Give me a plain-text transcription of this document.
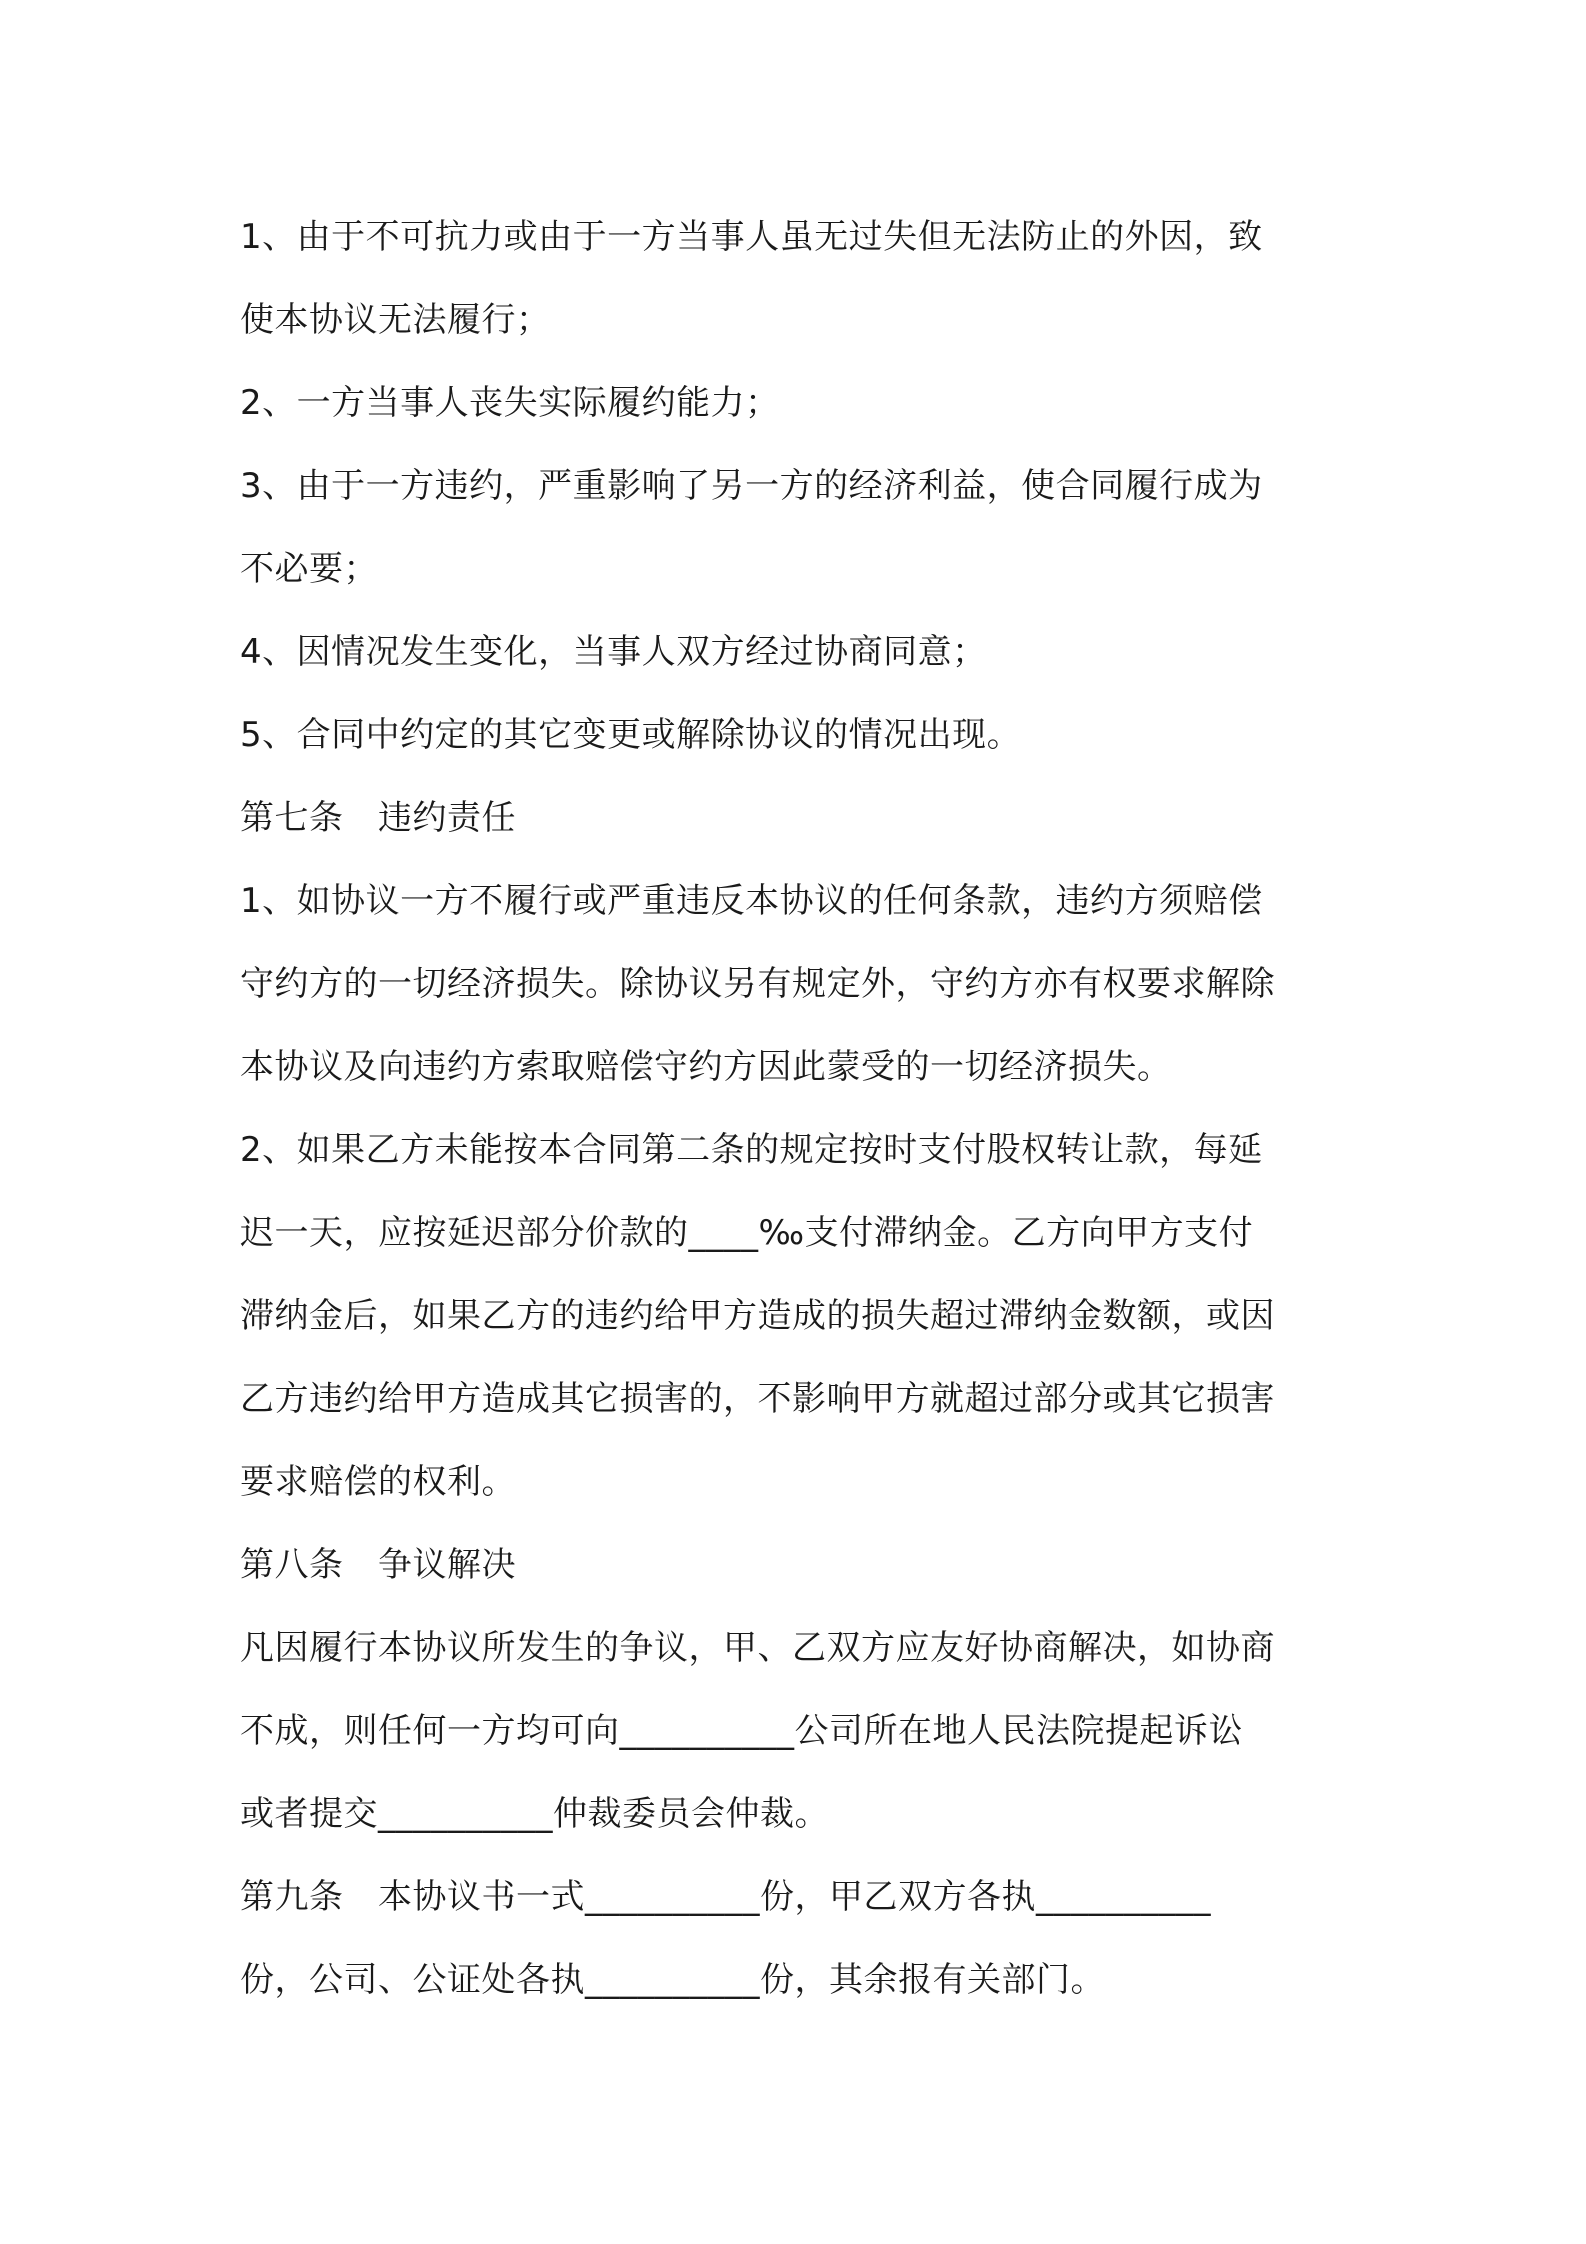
1、由于不可抗力或由于一方当事人虽无过失但无法防止的外因，致
使本协议无法履行；
2、一方当事人丧失实际履约能力；
3、由于一方违约，严重影响了另一方的经济利益，使合同履行成为
不必要；
4、因情况发生变化，当事人双方经过协商同意；
5、合同中约定的其它变更或解除协议的情况出现。
第七条　违约责任
1、如协议一方不履行或严重违反本协议的任何条款，违约方须赔偿
守约方的一切经济损失。除协议另有规定外，守约方亦有权要求解除
本协议及向违约方索取赔偿守约方因此蒙受的一切经济损失。
2、如果乙方未能按本合同第二条的规定按时支付股权转让款，每延
迟一天，应按延迟部分价款的____‰支付滞纳金。乙方向甲方支付
滞纳金后，如果乙方的违约给甲方造成的损失超过滞纳金数额，或因
乙方违约给甲方造成其它损害的，不影响甲方就超过部分或其它损害
要求赔偿的权利。
第八条　争议解决
凡因履行本协议所发生的争议，甲、乙双方应友好协商解决，如协商
不成，则任何一方均可向__________公司所在地人民法院提起诉讼
或者提交__________仲裁委员会仲裁。
第九条　本协议书一式__________份，甲乙双方各执__________
份，公司、公证处各执__________份，其余报有关部门。
